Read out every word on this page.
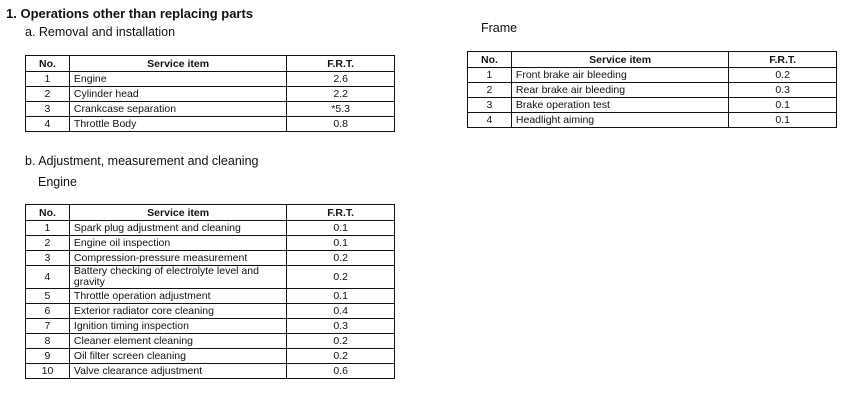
1. Operations other than replacing parts
a. Removal and installation
No.	Service item	F.R.T.
1	Engine	2.6
2	Cylinder head	2.2
3	Crankcase separation	*5.3
4	Throttle Body	0.8
b. Adjustment, measurement and cleaning
Engine
No.	Service item	F.R.T.
1	Spark plug adjustment and cleaning	0.1
2	Engine oil inspection	0.1
3	Compression-pressure measurement	0.2
4	Battery checking of electrolyte level and gravity	0.2
5	Throttle operation adjustment	0.1
6	Exterior radiator core cleaning	0.4
7	Ignition timing inspection	0.3
8	Cleaner element cleaning	0.2
9	Oil filter screen cleaning	0.2
10	Valve clearance adjustment	0.6
Frame
No.	Service item	F.R.T.
1	Front brake air bleeding	0.2
2	Rear brake air bleeding	0.3
3	Brake operation test	0.1
4	Headlight aiming	0.1
